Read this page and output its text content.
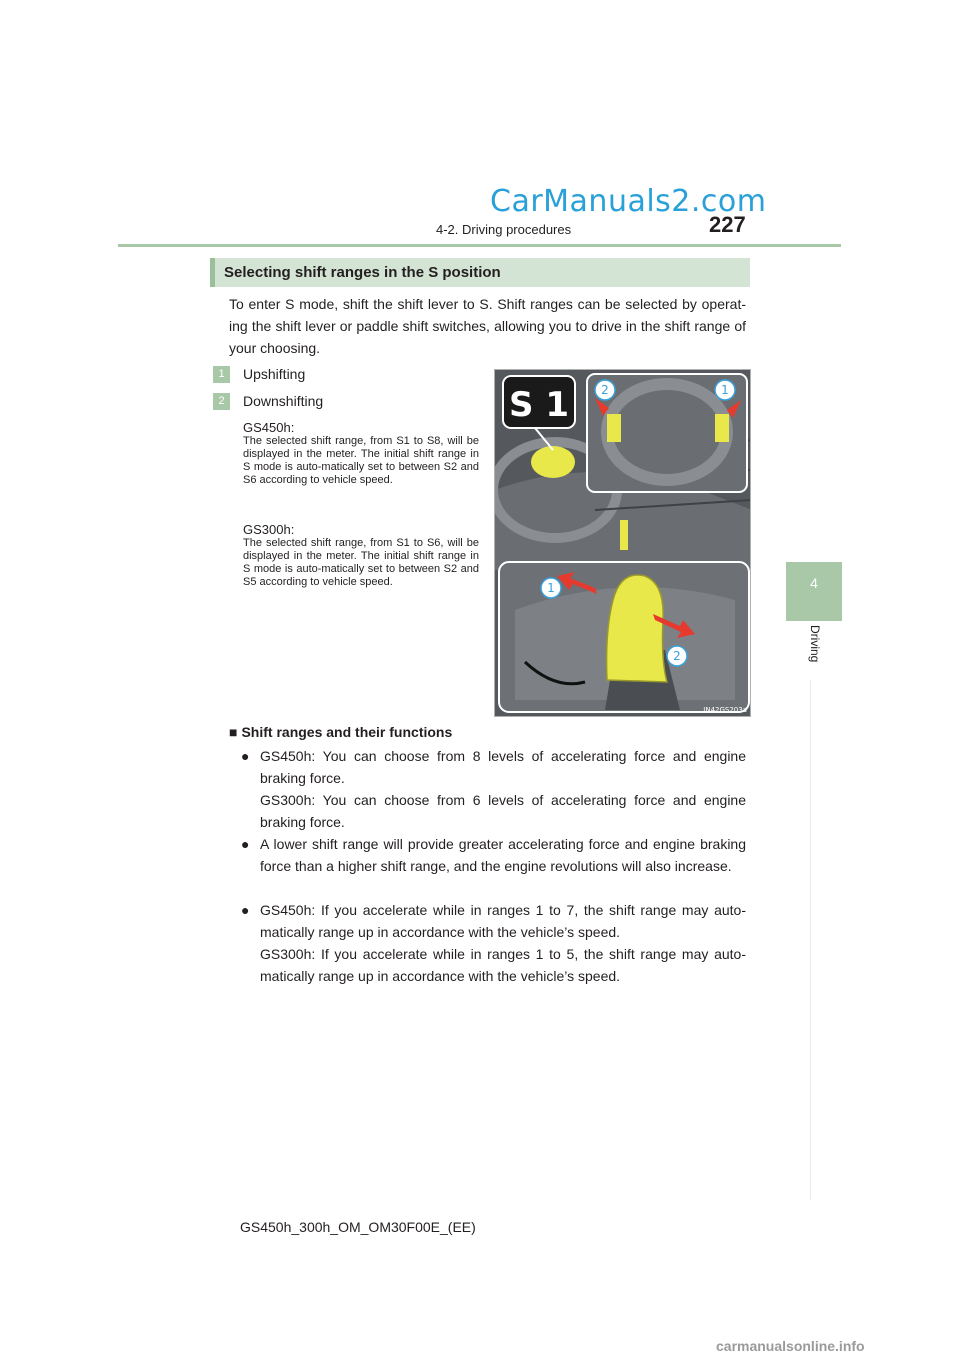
CarManuals2.com
4-2. Driving procedures	227
4
Driving
Selecting shift ranges in the S position

To enter S mode, shift the shift lever to S. Shift ranges can be selected by operat-ing the shift lever or paddle shift switches, allowing you to drive in the shift range of your choosing.

1	Upshifting
2	Downshifting
GS450h:
The selected shift range, from S1 to S8, will be displayed in the meter. The initial shift range in S mode is auto-matically set to between S2 and S6 according to vehicle speed.
GS300h:
The selected shift range, from S1 to S6, will be displayed in the meter. The initial shift range in S mode is auto-matically set to between S2 and S5 according to vehicle speed.	1
2
2	1
S 1
IN42GS203a
■ Shift ranges and their functions
● GS450h: You can choose from 8 levels of accelerating force and engine braking force.
GS300h: You can choose from 6 levels of accelerating force and engine braking force.
● A lower shift range will provide greater accelerating force and engine braking force than a higher shift range, and the engine revolutions will also increase.
● GS450h: If you accelerate while in ranges 1 to 7, the shift range may auto-matically range up in accordance with the vehicle’s speed.
GS300h: If you accelerate while in ranges 1 to 5, the shift range may auto-matically range up in accordance with the vehicle’s speed.
GS450h_300h_OM_OM30F00E_(EE)
carmanualsonline.info
